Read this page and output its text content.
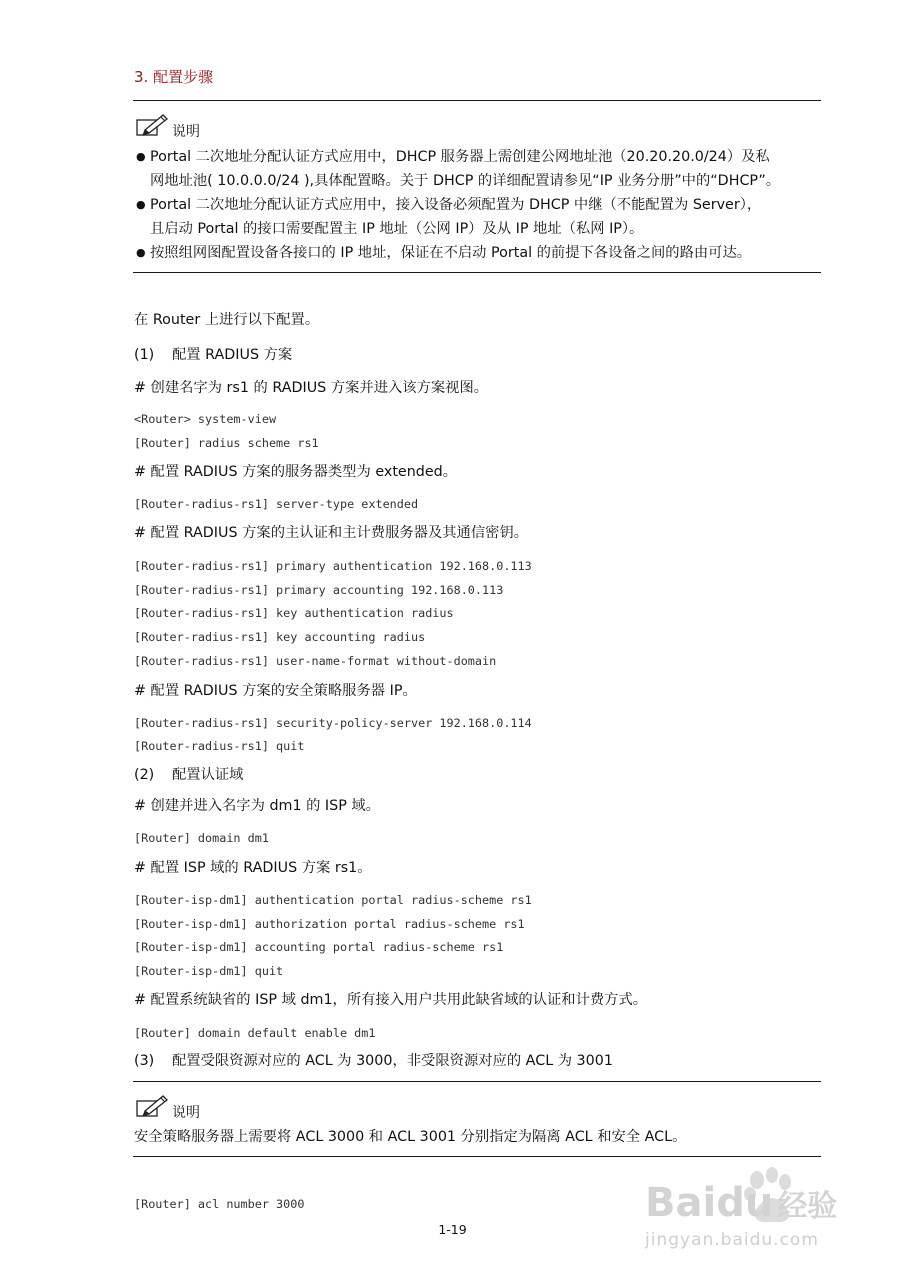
3. 配置步骤
说明
● Portal 二次地址分配认证方式应用中，DHCP 服务器上需创建公网地址池（20.20.20.0/24）及私
网地址池( 10.0.0.0/24 ),具体配置略。关于 DHCP 的详细配置请参见“IP 业务分册”中的“DHCP”。
● Portal 二次地址分配认证方式应用中，接入设备必须配置为 DHCP 中继（不能配置为 Server），
且启动 Portal 的接口需要配置主 IP 地址（公网 IP）及从 IP 地址（私网 IP）。
● 按照组网图配置设备各接口的 IP 地址，保证在不启动 Portal 的前提下各设备之间的路由可达。
在 Router 上进行以下配置。
(1) 配置 RADIUS 方案
# 创建名字为 rs1 的 RADIUS 方案并进入该方案视图。
<Router> system-view
[Router] radius scheme rs1
# 配置 RADIUS 方案的服务器类型为 extended。
[Router-radius-rs1] server-type extended
# 配置 RADIUS 方案的主认证和主计费服务器及其通信密钥。
[Router-radius-rs1] primary authentication 192.168.0.113
[Router-radius-rs1] primary accounting 192.168.0.113
[Router-radius-rs1] key authentication radius
[Router-radius-rs1] key accounting radius
[Router-radius-rs1] user-name-format without-domain
# 配置 RADIUS 方案的安全策略服务器 IP。
[Router-radius-rs1] security-policy-server 192.168.0.114
[Router-radius-rs1] quit
(2) 配置认证域
# 创建并进入名字为 dm1 的 ISP 域。
[Router] domain dm1
# 配置 ISP 域的 RADIUS 方案 rs1。
[Router-isp-dm1] authentication portal radius-scheme rs1
[Router-isp-dm1] authorization portal radius-scheme rs1
[Router-isp-dm1] accounting portal radius-scheme rs1
[Router-isp-dm1] quit
# 配置系统缺省的 ISP 域 dm1，所有接入用户共用此缺省域的认证和计费方式。
[Router] domain default enable dm1
(3) 配置受限资源对应的 ACL 为 3000，非受限资源对应的 ACL 为 3001
说明
安全策略服务器上需要将 ACL 3000 和 ACL 3001 分别指定为隔离 ACL 和安全 ACL。
[Router] acl number 3000
1-19
Baidu 经验
jingyan.baidu.com
